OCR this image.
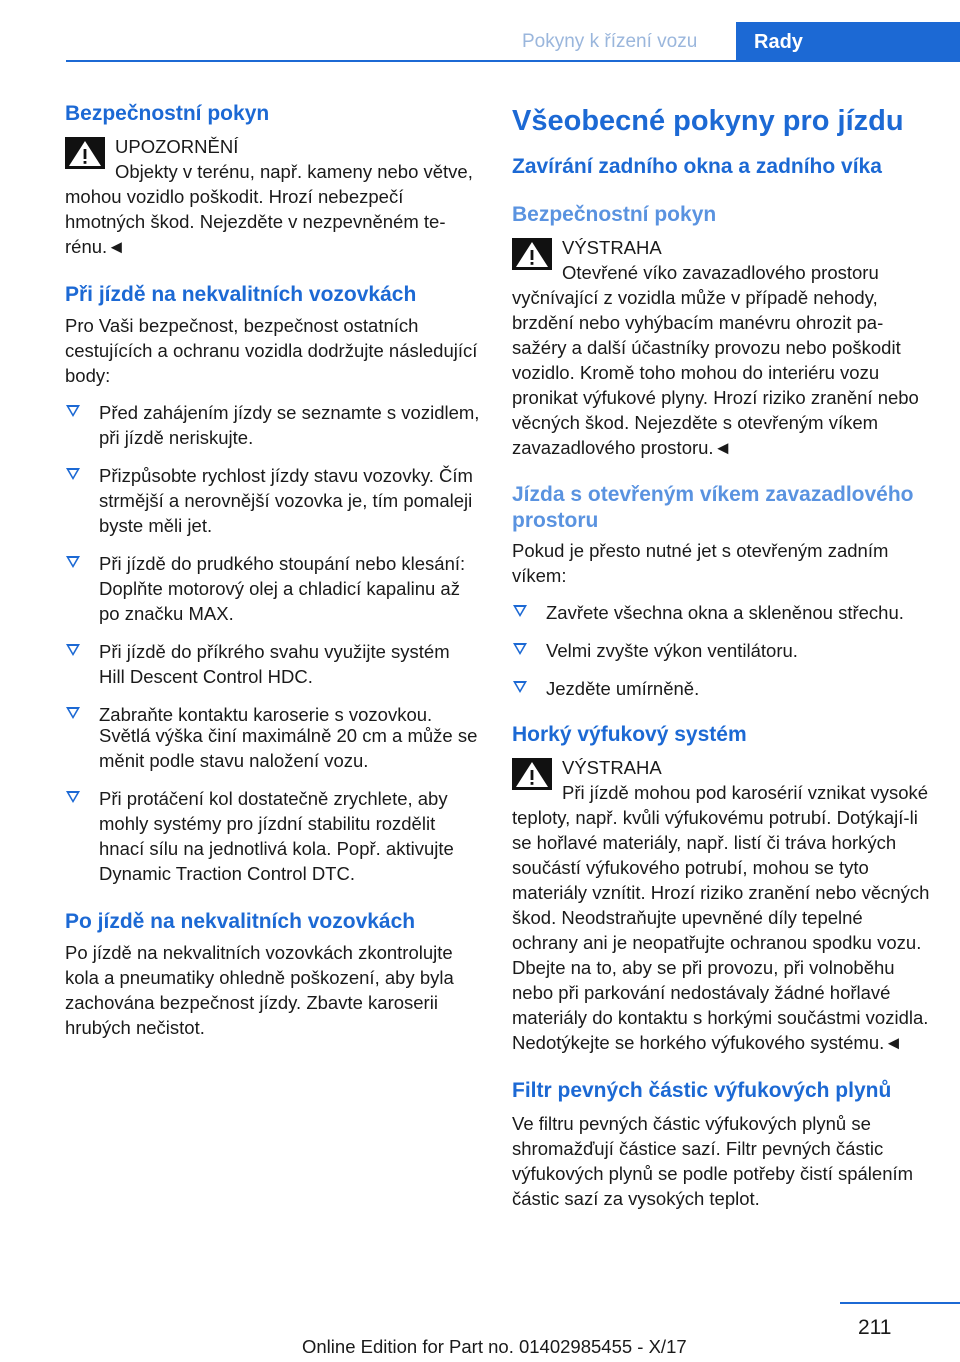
Pokyny k řízení vozu	Rady
Bezpečnostní pokyn
UPOZORNĚNÍ
Objekty v terénu, např. kameny nebo větve, mohou vozidlo poškodit. Hrozí nebezpečí hmotných škod. Nejezděte v nezpevněném terénu.◄
Při jízdě na nekvalitních vozovkách

Pro Vaši bezpečnost, bezpečnost ostatních cestujících a ochranu vozidla dodržujte následující body:

Před zahájením jízdy se seznamte s vozidlem, při jízdě neriskujte.
Přizpůsobte rychlost jízdy stavu vozovky. Čím strmější a nerovnější vozovka je, tím pomaleji byste měli jet.
Při jízdě do prudkého stoupání nebo klesání: Doplňte motorový olej a chladicí kapalinu až po značku MAX.
Při jízdě do příkrého svahu využijte systém Hill Descent Control HDC.
Zabraňte kontaktu karoserie s vozovkou.
Světlá výška činí maximálně 20 cm a může se měnit podle stavu naložení vozu.
Při protáčení kol dostatečně zrychlete, aby mohly systémy pro jízdní stabilitu rozdělit hnací sílu na jednotlivá kola. Popř. aktivujte Dynamic Traction Control DTC.
Po jízdě na nekvalitních vozovkách

Po jízdě na nekvalitních vozovkách zkontrolujte kola a pneumatiky ohledně poškození, aby byla zachována bezpečnost jízdy. Zbavte karoserii hrubých nečistot.

Všeobecné pokyny pro jízdu
Zavírání zadního okna a zadního víka
Bezpečnostní pokyn
VÝSTRAHA
Otevřené víko zavazadlového prostoru vyčnívající z vozidla může v případě nehody, brzdění nebo vyhýbacím manévru ohrozit pasažéry a další účastníky provozu nebo poškodit vozidlo. Kromě toho mohou do interiéru vozu pronikat výfukové plyny. Hrozí riziko zranění nebo věcných škod. Nejezděte s otevřeným víkem zavazadlového prostoru.◄
Jízda s otevřeným víkem zavazadlového prostoru

Pokud je přesto nutné jet s otevřeným zadním víkem:

Zavřete všechna okna a skleněnou střechu.
Velmi zvyšte výkon ventilátoru.
Jezděte umírněně.
Horký výfukový systém
VÝSTRAHA
Při jízdě mohou pod karosérií vznikat vysoké teploty, např. kvůli výfukovému potrubí. Dotýkají-li se hořlavé materiály, např. listí či tráva horkých součástí výfukového potrubí, mohou se tyto materiály vznítit. Hrozí riziko zranění nebo věcných škod. Neodstraňujte upevněné díly tepelné ochrany ani je neopatřujte ochranou spodku vozu. Dbejte na to, aby se při provozu, při volnoběhu nebo při parkování nedostávaly žádné hořlavé materiály do kontaktu s horkými součástmi vozidla. Nedotýkejte se horkého výfukového systému.◄
Filtr pevných částic výfukových plynů

Ve filtru pevných částic výfukových plynů se shromažďují částice sazí. Filtr pevných částic výfukových plynů se podle potřeby čistí spálením částic sazí za vysokých teplot.

211
Online Edition for Part no. 01402985455 - X/17
